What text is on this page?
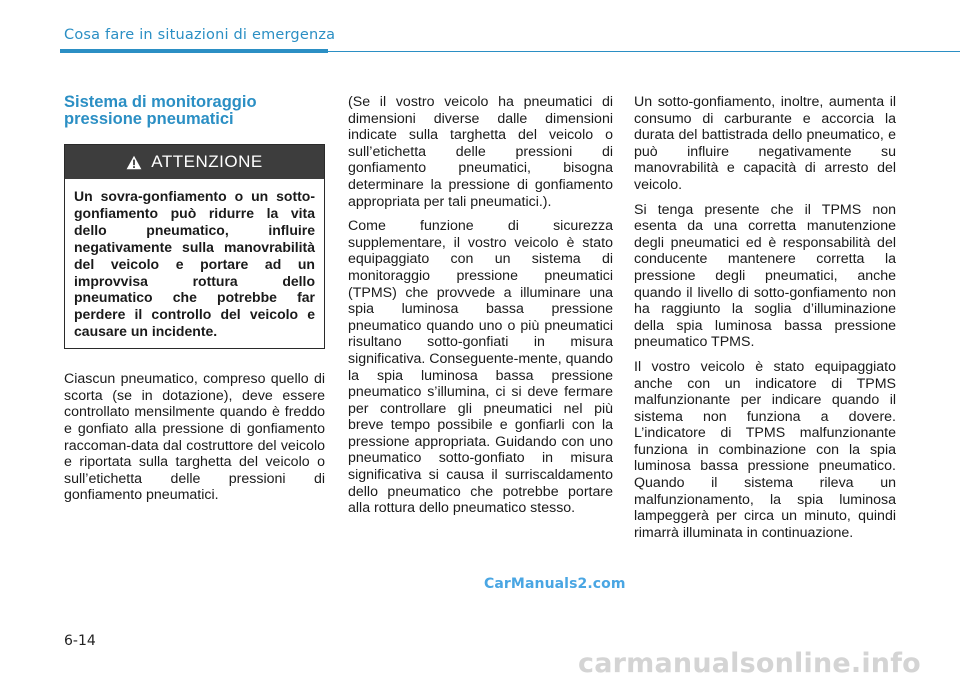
Cosa fare in situazioni di emergenza
Sistema di monitoraggio pressione pneumatici
ATTENZIONE
Un sovra-gonfiamento o un sotto-gonfiamento può ridurre la vita dello pneumatico, influire negativamente sulla manovrabilità del veicolo e portare ad un improvvisa rottura dello pneumatico che potrebbe far perdere il controllo del veicolo e causare un incidente.

Ciascun pneumatico, compreso quello di scorta (se in dotazione), deve essere controllato mensilmente quando è freddo e gonfiato alla pressione di gonfiamento raccoman-data dal costruttore del veicolo e riportata sulla targhetta del veicolo o sull’etichetta delle pressioni di gonfiamento pneumatici.

(Se il vostro veicolo ha pneumatici di dimensioni diverse dalle dimensioni indicate sulla targhetta del veicolo o sull’etichetta delle pressioni di gonfiamento pneumatici, bisogna determinare la pressione di gonfiamento appropriata per tali pneumatici.).

Come funzione di sicurezza supplementare, il vostro veicolo è stato equipaggiato con un sistema di monitoraggio pressione pneumatici (TPMS) che provvede a illuminare una spia luminosa bassa pressione pneumatico quando uno o più pneumatici risultano sotto-gonfiati in misura significativa. Conseguente-mente, quando la spia luminosa bassa pressione pneumatico s’illumina, ci si deve fermare per controllare gli pneumatici nel più breve tempo possibile e gonfiarli con la pressione appropriata. Guidando con uno pneumatico sotto-gonfiato in misura significativa si causa il surriscaldamento dello pneumatico che potrebbe portare alla rottura dello pneumatico stesso.

Un sotto-gonfiamento, inoltre, aumenta il consumo di carburante e accorcia la durata del battistrada dello pneumatico, e può influire negativamente su manovrabilità e capacità di arresto del veicolo.

Si tenga presente che il TPMS non esenta da una corretta manutenzione degli pneumatici ed è responsabilità del conducente mantenere corretta la pressione degli pneumatici, anche quando il livello di sotto-gonfiamento non ha raggiunto la soglia d’illuminazione della spia luminosa bassa pressione pneumatico TPMS.

Il vostro veicolo è stato equipaggiato anche con un indicatore di TPMS malfunzionante per indicare quando il sistema non funziona a dovere. L’indicatore di TPMS malfunzionante funziona in combinazione con la spia luminosa bassa pressione pneumatico. Quando il sistema rileva un malfunzionamento, la spia luminosa lampeggerà per circa un minuto, quindi rimarrà illuminata in continuazione.

CarManuals2.com
6-14
carmanualsonline.info
